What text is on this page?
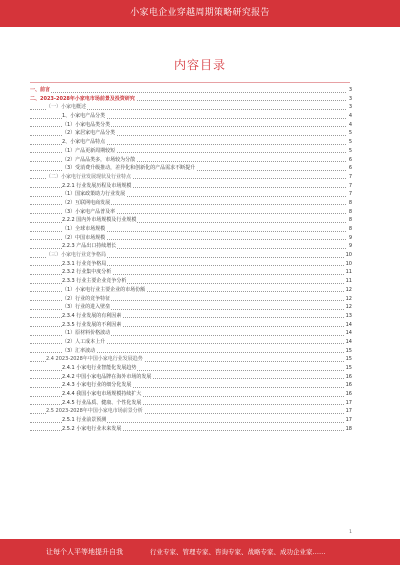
小家电企业穿越周期策略研究报告
内容目录
一、前言	3
二、2023-2028年小家电市场前景及投资研究	3
（一）小家电概述	3
1、小家电产品分类	4
（1）小家电品类分类	4
（2）家居家电产品分类	5
2、小家电产品特点	5
（1）产品更新周期较短	5
（2）产品品类多，市场较为分散	6
（3）受消费升级推动，差异化和创新化的产品需求不断提升	6
（二）小家电行业发展现状及行业特点	7
2.2.1 行业发展历程及市场规模	7
（1）国家政策助力行业发展	7
（2）互联网电商发展	8
（3）小家电产品普及率	8
2.2.2 国内外市场规模及行业规模	8
（1）全球市场规模	8
（2）中国市场规模	9
2.2.3 产品出口持续增长	9
（三）小家电行业竞争格局	10
2.3.1 行业竞争格局	10
2.3.2 行业集中度分析	11
2.3.3 行业主要企业竞争分析	11
（1）小家电行业主要企业的市场份额	12
（2）行业的竞争特征	12
（3）行业的进入壁垒	12
2.3.4 行业发展的有利因素	13
2.3.5 行业发展的不利因素	14
（1）原材料价格波动	14
（2）人工成本上升	14
（3）汇率波动	15
2.4 2023-2028年中国小家电行业发展趋势	15
2.4.1 小家电行业智能化发展趋势	15
2.4.2 中国小家电品牌在海外市场的发展	16
2.4.3 小家电行业的细分化发展	16
2.4.4 我国小家电市场规模持续扩大	16
2.4.5 行业品质、健康、个性化发展	17
2.5 2023-2028年中国小家电市场前景分析	17
2.5.1 行业前景预测	17
2.5.2 小家电行业未来发展	18
1
让每个人平等地提升自我	行业专家、管理专家、咨询专家、战略专家、成功企业家……
